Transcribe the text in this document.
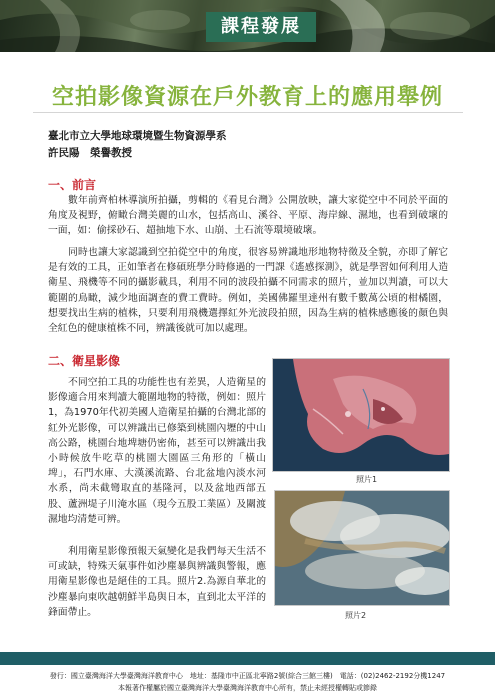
課程發展
空拍影像資源在戶外教育上的應用舉例
臺北市立大學地球環境暨生物資源學系
許民陽　榮譽教授
一、前言

數年前齊柏林導演所拍攝，剪輯的《看見台灣》公開放映，讓大家從空中不同於平面的角度及視野，俯瞰台灣美麗的山水，包括高山、溪谷、平原、海岸線、濕地，也看到破壞的一面，如：偷採砂石、超抽地下水、山崩、土石流等環境破壞。

同時也讓大家認識到空拍從空中的角度，很容易辨識地形地物特徵及全貌，亦即了解它是有效的工具，正如筆者在修碩班學分時修過的一門課《遙感探測》，就是學習如何利用人造衛星、飛機等不同的攝影載具，利用不同的波段拍攝不同需求的照片，並加以判讀，可以大範圍的鳥瞰，減少地面調查的費工費時。例如，美國佛羅里達州有數千數萬公頃的柑橘園，想要找出生病的植株，只要利用飛機選擇紅外光波段拍照，因為生病的植株感應後的顏色與全紅色的健康植株不同，辨識後就可加以處理。

二、衛星影像

不同空拍工具的功能性也有差異，人造衛星的影像適合用來判讀大範圍地物的特徵，例如：照片1，為1970年代初美國人造衛星拍攝的台灣北部的紅外光影像，可以辨識出已修築到桃園內壢的中山高公路，桃園台地埤塘仍密佈，甚至可以辨識出我小時候放牛吃草的桃園大園區三角形的「橫山埤」，石門水庫、大漢溪流路、台北盆地內淡水河水系，尚未截彎取直的基隆河，以及盆地西部五股、蘆洲堤子川淹水區（現今五股工業區）及關渡濕地均清楚可辨。

利用衛星影像預報天氣變化是我們每天生活不可或缺，特殊天氣事件如沙塵暴與辨識與警報，應用衛星影像也是絕佳的工具。照片2.為源自華北的沙塵暴向東吹越朝鮮半島與日本，直到北太平洋的鋒面帶止。

照片1
照片2
發行：國立臺灣海洋大學臺灣海洋教育中心　地址：基隆市中正區北寧路2號(綜合三館三樓)　電話：(02)2462-2192分機1247
本報著作權屬於國立臺灣海洋大學臺灣海洋教育中心所有，禁止未經授權轉貼或節錄
